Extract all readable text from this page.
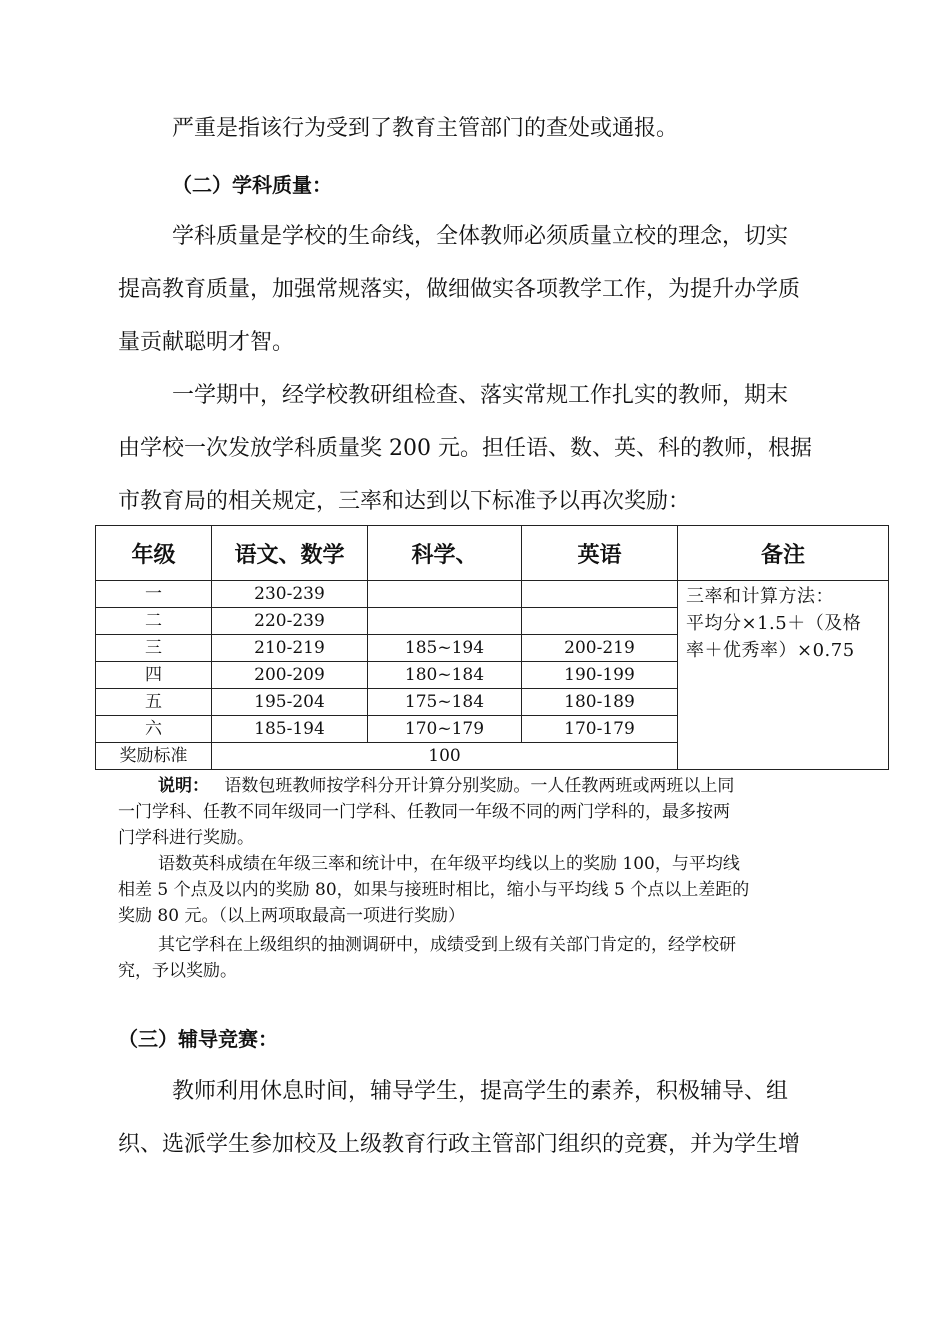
严重是指该行为受到了教育主管部门的查处或通报。
（二）学科质量：
学科质量是学校的生命线，全体教师必须质量立校的理念，切实
提高教育质量，加强常规落实，做细做实各项教学工作，为提升办学质
量贡献聪明才智。
一学期中，经学校教研组检查、落实常规工作扎实的教师，期末
由学校一次发放学科质量奖 200 元。担任语、数、英、科的教师，根据
市教育局的相关规定，三率和达到以下标准予以再次奖励：
年级	语文、数学	科学、	英语	备注
一	230-239			三率和计算方法：
平均分×1.5＋（及格
率＋优秀率）×0.75

二	220-239			
三	210-219	185~194	200-219	
四	200-209	180~184	190-199	
五	195-204	175~184	180-189	
六	185-194	170~179	170-179	
奖励标准	100			
说明： 语数包班教师按学科分开计算分别奖励。一人任教两班或两班以上同
一门学科、任教不同年级同一门学科、任教同一年级不同的两门学科的，最多按两
门学科进行奖励。
语数英科成绩在年级三率和统计中，在年级平均线以上的奖励 100，与平均线
相差 5 个点及以内的奖励 80，如果与接班时相比，缩小与平均线 5 个点以上差距的
奖励 80 元。（以上两项取最高一项进行奖励）
其它学科在上级组织的抽测调研中，成绩受到上级有关部门肯定的，经学校研
究，予以奖励。
（三）辅导竞赛：
教师利用休息时间，辅导学生，提高学生的素养，积极辅导、组
织、选派学生参加校及上级教育行政主管部门组织的竞赛，并为学生增
